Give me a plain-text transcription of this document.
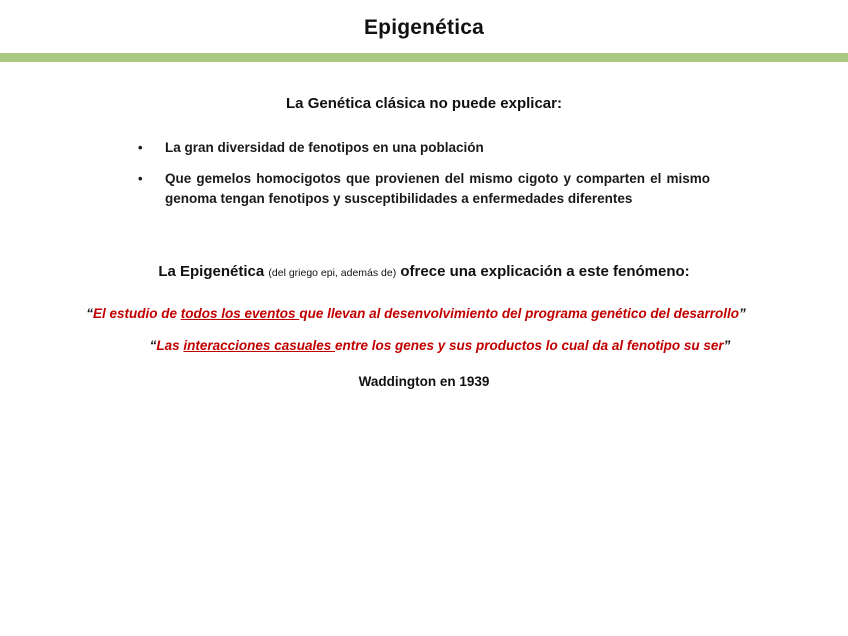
Epigenética
La Genética clásica no puede explicar:
• La gran diversidad de fenotipos en una población
• Que gemelos homocigotos que provienen del mismo cigoto y comparten el mismo genoma tengan fenotipos y susceptibilidades a enfermedades diferentes
La Epigenética (del griego epi, además de) ofrece una explicación a este fenómeno:
“El estudio de todos los eventos que llevan al desenvolvimiento del programa genético del desarrollo”
“Las interacciones casuales entre los genes y sus productos lo cual da al fenotipo su ser”
Waddington en 1939
